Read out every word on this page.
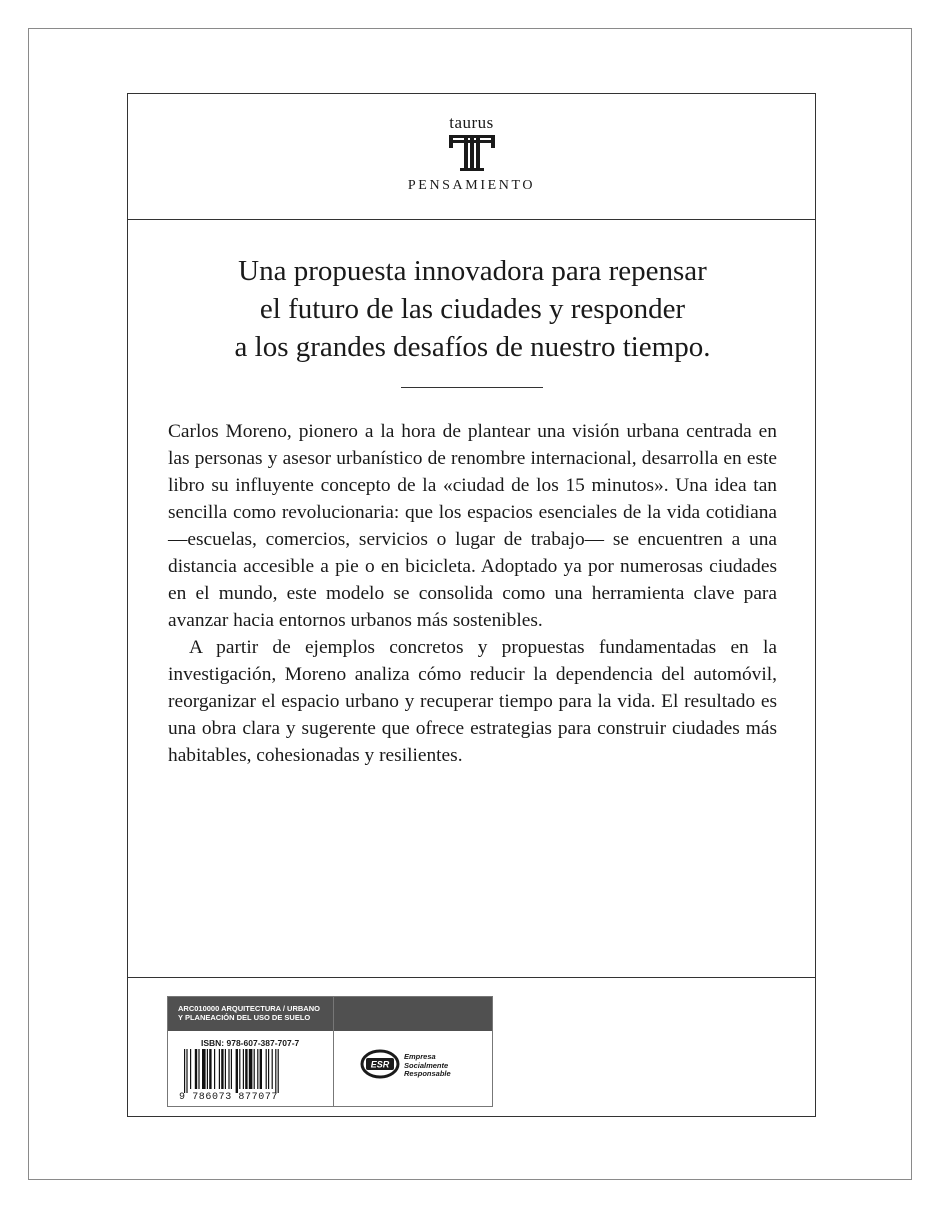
taurus
PENSAMIENTO
Una propuesta innovadora para repensar
el futuro de las ciudades y responder
a los grandes desafíos de nuestro tiempo.

Carlos Moreno, pionero a la hora de plantear una visión urbana centrada en las personas y asesor urbanístico de renombre internacional, desarrolla en este libro su influyente concepto de la «ciudad de los 15 minutos». Una idea tan sencilla como revolucionaria: que los espacios esenciales de la vida cotidiana —escuelas, comercios, servicios o lugar de trabajo— se encuentren a una distancia accesible a pie o en bicicleta. Adoptado ya por numerosas ciudades en el mundo, este modelo se consolida como una herramienta clave para avanzar hacia entornos urbanos más sostenibles.

A partir de ejemplos concretos y propuestas fundamentadas en la investigación, Moreno analiza cómo reducir la dependencia del automóvil, reorganizar el espacio urbano y recuperar tiempo para la vida. El resultado es una obra clara y sugerente que ofrece estrategias para construir ciudades más habitables, cohesionadas y resilientes.

ARC010000 ARQUITECTURA / URBANO
Y PLANEACIÓN DEL USO DE SUELO
ISBN: 978-607-387-707-7
9 786073 877077
ESR
Empresa
Socialmente
Responsable
